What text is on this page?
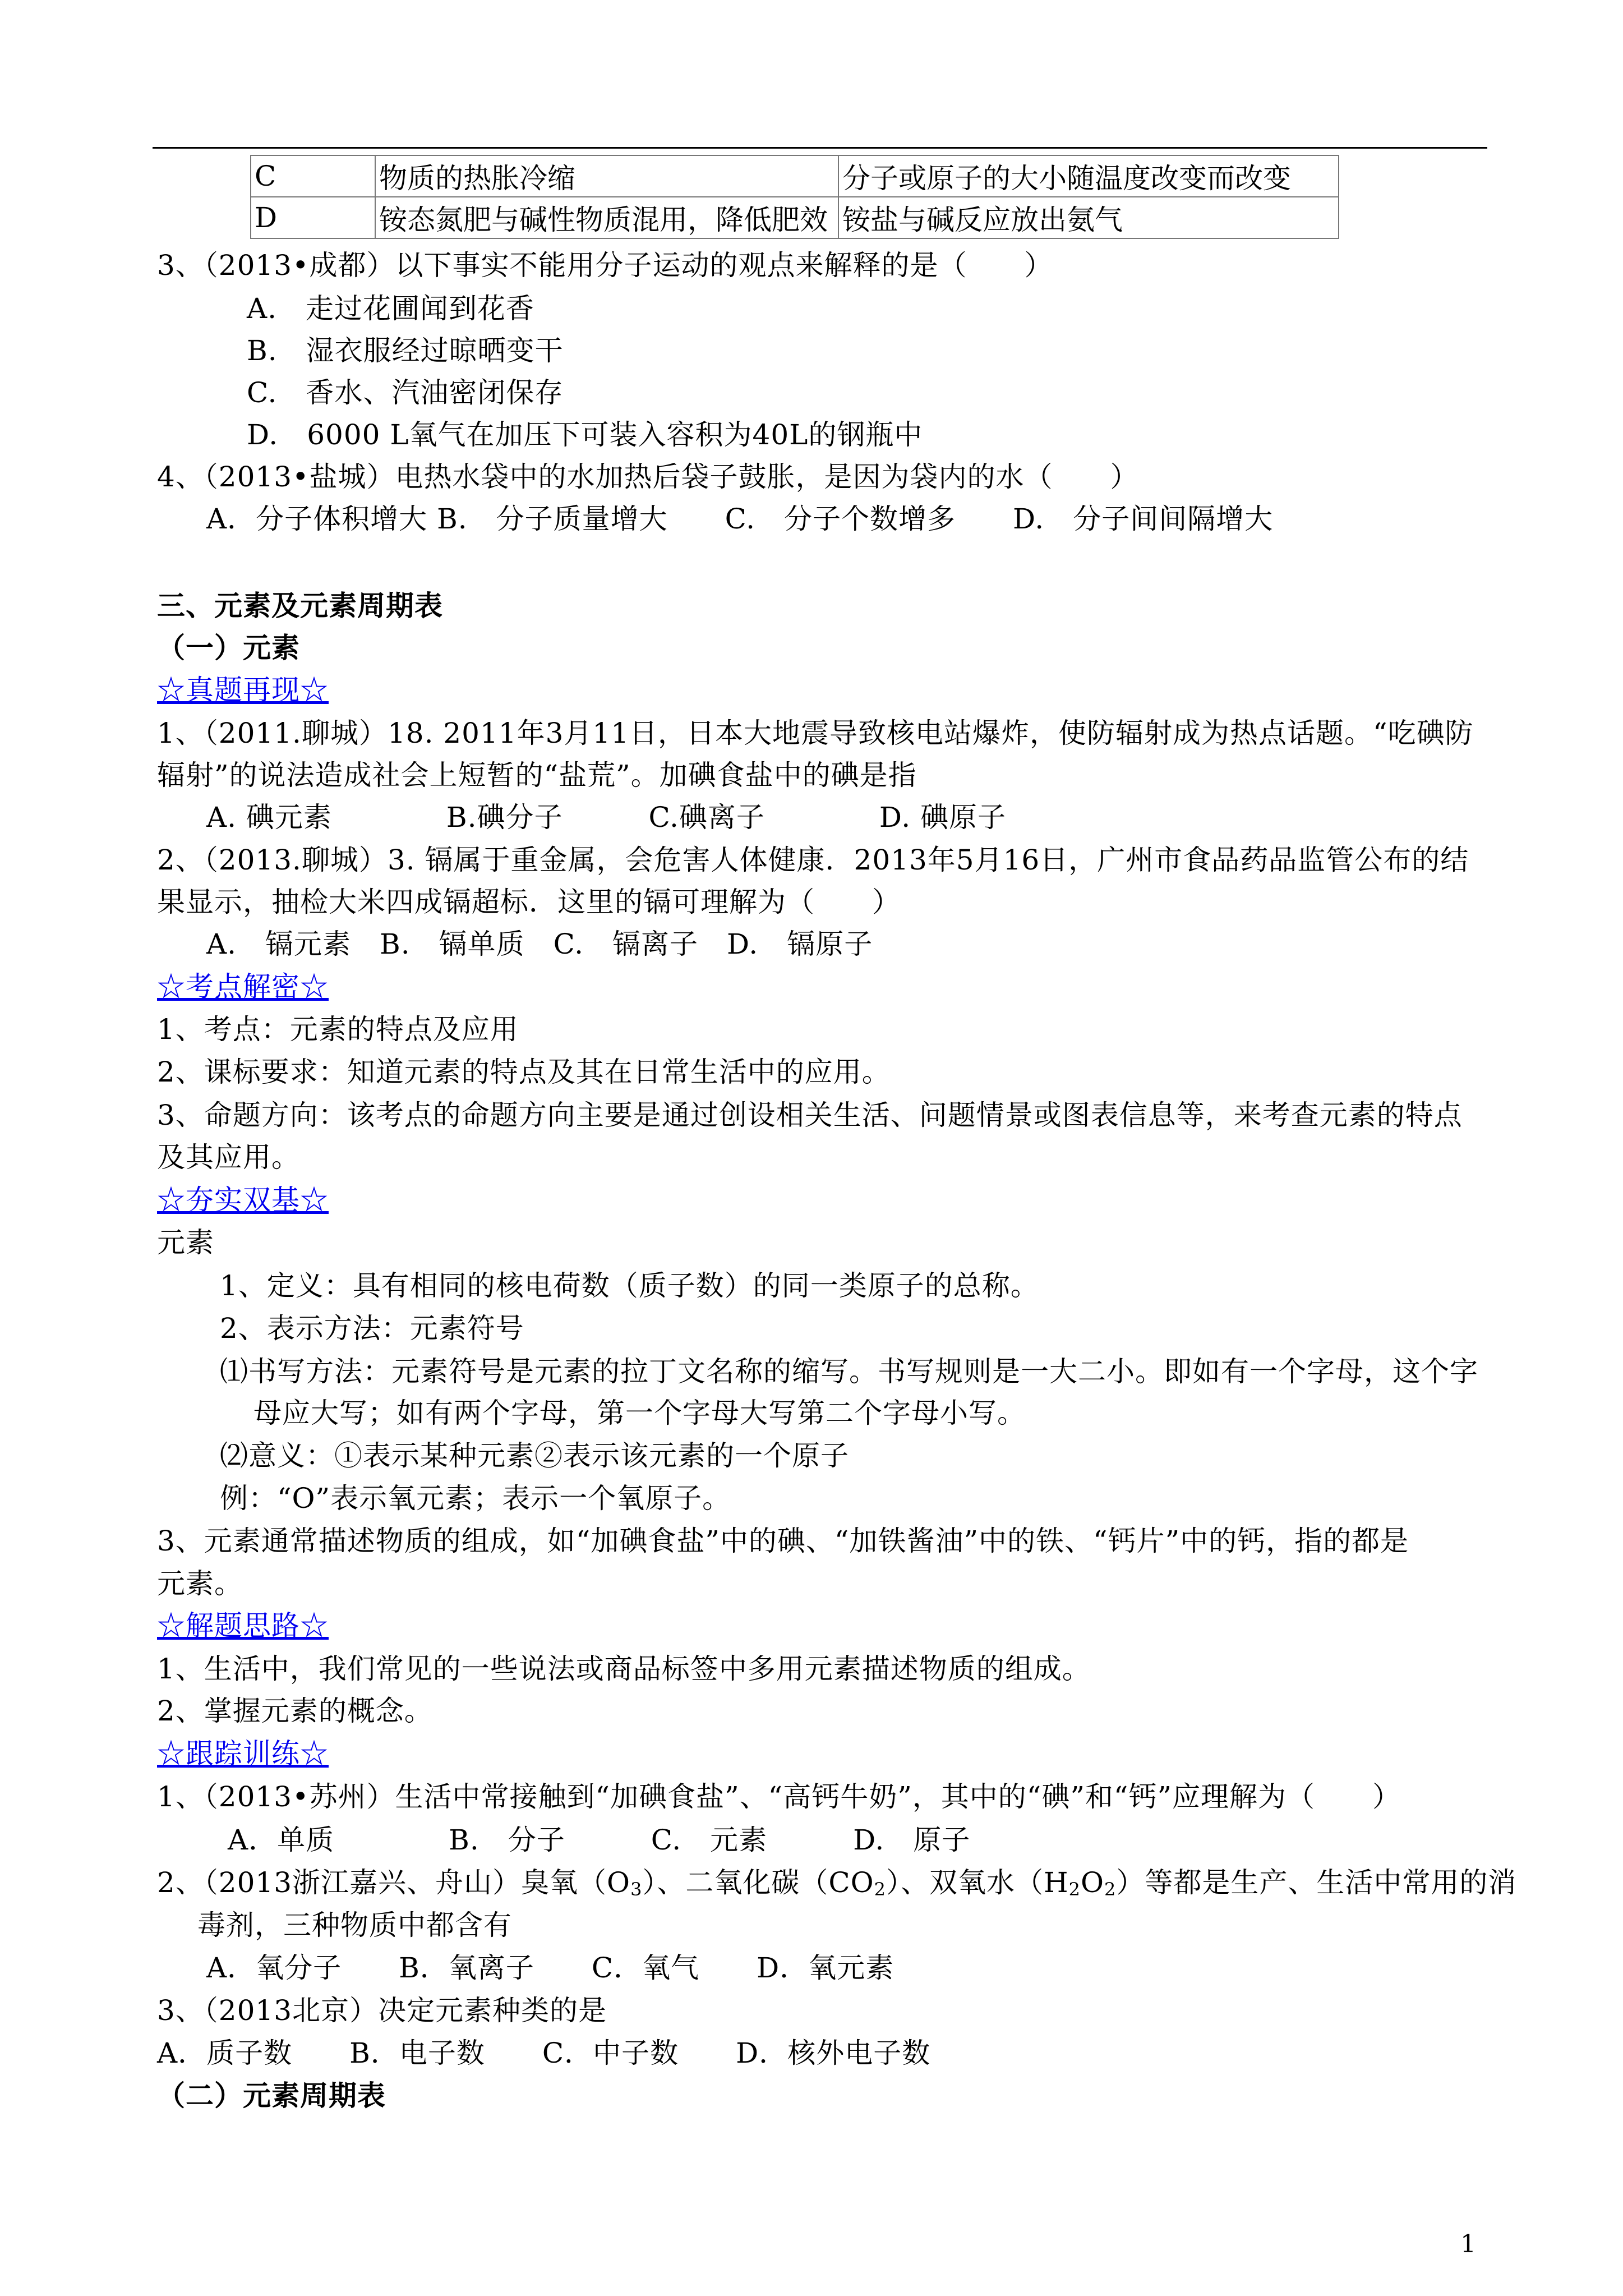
C	物质的热胀冷缩	分子或原子的大小随温度改变而改变
D	铵态氮肥与碱性物质混用，降低肥效	铵盐与碱反应放出氨气
3、（2013•成都）以下事实不能用分子运动的观点来解释的是（　　）
A.　走过花圃闻到花香
B.　湿衣服经过晾晒变干
C.　香水、汽油密闭保存
D.　6000 L氧气在加压下可装入容积为40L的钢瓶中
4、（2013•盐城）电热水袋中的水加热后袋子鼓胀，是因为袋内的水（　　）
A．分子体积增大 B.　分子质量增大　　C.　分子个数增多　　D.　分子间间隔增大
三、元素及元素周期表
（一）元素
☆真题再现☆
1、（2011.聊城）18. 2011年3月11日，日本大地震导致核电站爆炸，使防辐射成为热点话题。“吃碘防
辐射”的说法造成社会上短暂的“盐荒”。加碘食盐中的碘是指
A. 碘元素　　　　B.碘分子　　　C.碘离子　　　　D. 碘原子
2、（2013.聊城）3. 镉属于重金属，会危害人体健康．2013年5月16日，广州市食品药品监管公布的结
果显示，抽检大米四成镉超标．这里的镉可理解为（　　）
A.　镉元素　B.　镉单质　C.　镉离子　D.　镉原子
☆考点解密☆
1、考点：元素的特点及应用
2、课标要求：知道元素的特点及其在日常生活中的应用。
3、命题方向：该考点的命题方向主要是通过创设相关生活、问题情景或图表信息等，来考查元素的特点
及其应用。
☆夯实双基☆
元素
1、定义：具有相同的核电荷数（质子数）的同一类原子的总称。
2、表示方法：元素符号
⑴书写方法：元素符号是元素的拉丁文名称的缩写。书写规则是一大二小。即如有一个字母，这个字
母应大写；如有两个字母，第一个字母大写第二个字母小写。
⑵意义：①表示某种元素②表示该元素的一个原子
例：“O”表示氧元素；表示一个氧原子。
3、元素通常描述物质的组成，如“加碘食盐”中的碘、“加铁酱油”中的铁、“钙片”中的钙，指的都是
元素。
☆解题思路☆
1、生活中，我们常见的一些说法或商品标签中多用元素描述物质的组成。
2、掌握元素的概念。
☆跟踪训练☆
1、（2013•苏州）生活中常接触到“加碘食盐”、“高钙牛奶”，其中的“碘”和“钙”应理解为（　　）
A．单质　　　　B.　分子　　　C.　元素　　　D.　原子
2、（2013浙江嘉兴、舟山）臭氧$(O_3)$、二氧化碳$(CO_2)$、双氧水$(H_2O_2)$等都是生产、生活中常用的消
毒剂，三种物质中都含有
A．氧分子　　B．氧离子　　C．氧气　　D．氧元素
3、（2013北京）决定元素种类的是
A．质子数　　B．电子数　　C．中子数　　D．核外电子数
（二）元素周期表
1
